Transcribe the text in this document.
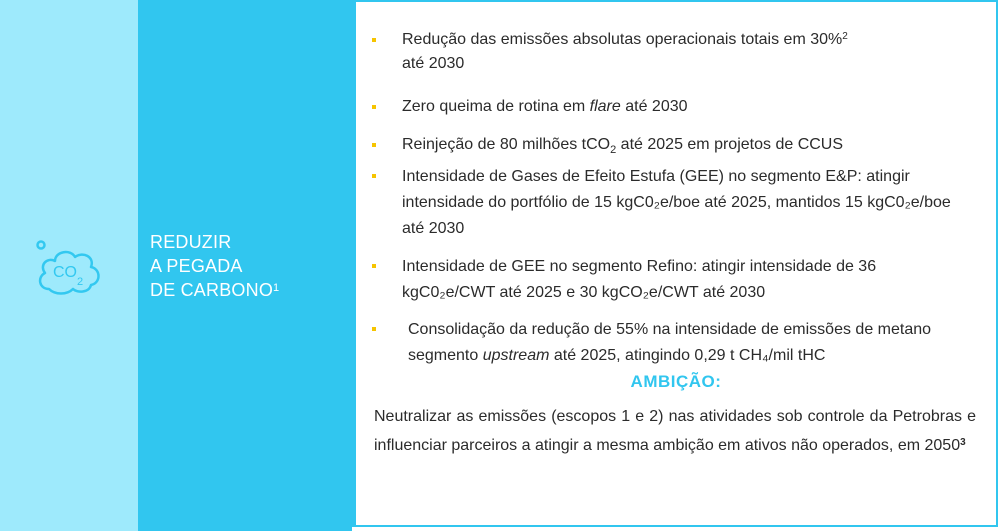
CO
2
REDUZIR
A PEGADA
DE CARBONO$^1$
Redução das emissões absolutas operacionais totais em 30%$^2$
até 2030
Zero queima de rotina em flare até 2030
Reinjeção de 80 milhões tCO$_2$ até 2025 em projetos de CCUS
Intensidade de Gases de Efeito Estufa (GEE) no segmento E&P: atingir intensidade do portfólio de 15 kgC0₂e/boe até 2025, mantidos 15 kgC0₂e/boe até 2030
Intensidade de GEE no segmento Refino: atingir intensidade de 36 kgC0₂e/CWT até 2025 e 30 kgCO₂e/CWT até 2030
Consolidação da redução de 55% na intensidade de emissões de metano segmento upstream até 2025, atingindo 0,29 t CH₄/mil tHC
AMBIÇÃO:
Neutralizar as emissões (escopos 1 e 2) nas atividades sob controle da Petrobras e influenciar parceiros a atingir a mesma ambição em ativos não operados, em 2050$^3$
